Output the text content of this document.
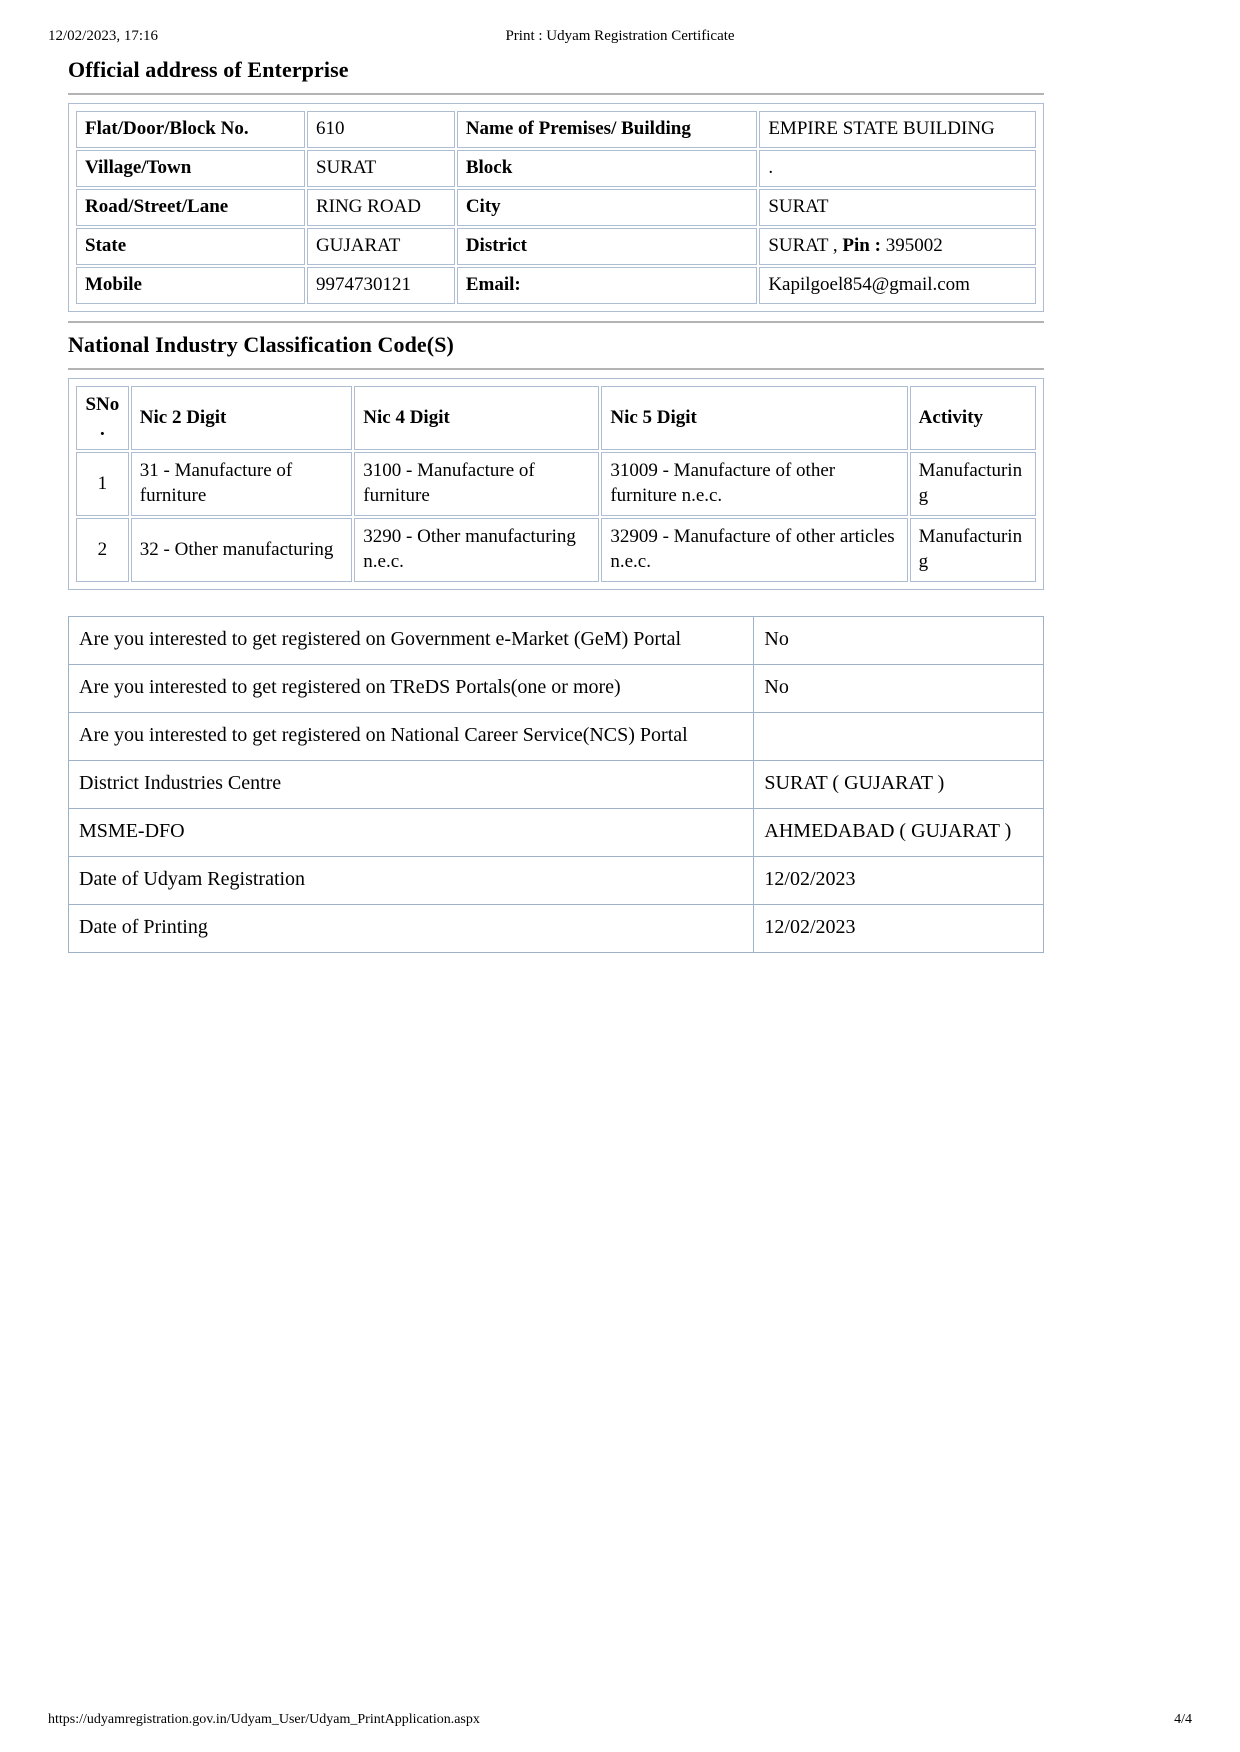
12/02/2023, 17:16	Print : Udyam Registration Certificate
Official address of Enterprise
Flat/Door/Block No.	610	Name of Premises/ Building	EMPIRE STATE BUILDING
Village/Town	SURAT	Block	.
Road/Street/Lane	RING ROAD	City	SURAT
State	GUJARAT	District	SURAT , Pin : 395002
Mobile	9974730121	Email:	Kapilgoel854@gmail.com
National Industry Classification Code(S)
SNo.	Nic 2 Digit	Nic 4 Digit	Nic 5 Digit	Activity
1	31 - Manufacture of furniture	3100 - Manufacture of furniture	31009 - Manufacture of other furniture n.e.c.	Manufacturing
2	32 - Other manufacturing	3290 - Other manufacturing n.e.c.	32909 - Manufacture of other articles n.e.c.	Manufacturing
Are you interested to get registered on Government e-Market (GeM) Portal	No
Are you interested to get registered on TReDS Portals(one or more)	No
Are you interested to get registered on National Career Service(NCS) Portal	
District Industries Centre	SURAT ( GUJARAT )
MSME-DFO	AHMEDABAD ( GUJARAT )
Date of Udyam Registration	12/02/2023
Date of Printing	12/02/2023
https://udyamregistration.gov.in/Udyam_User/Udyam_PrintApplication.aspx	4/4
